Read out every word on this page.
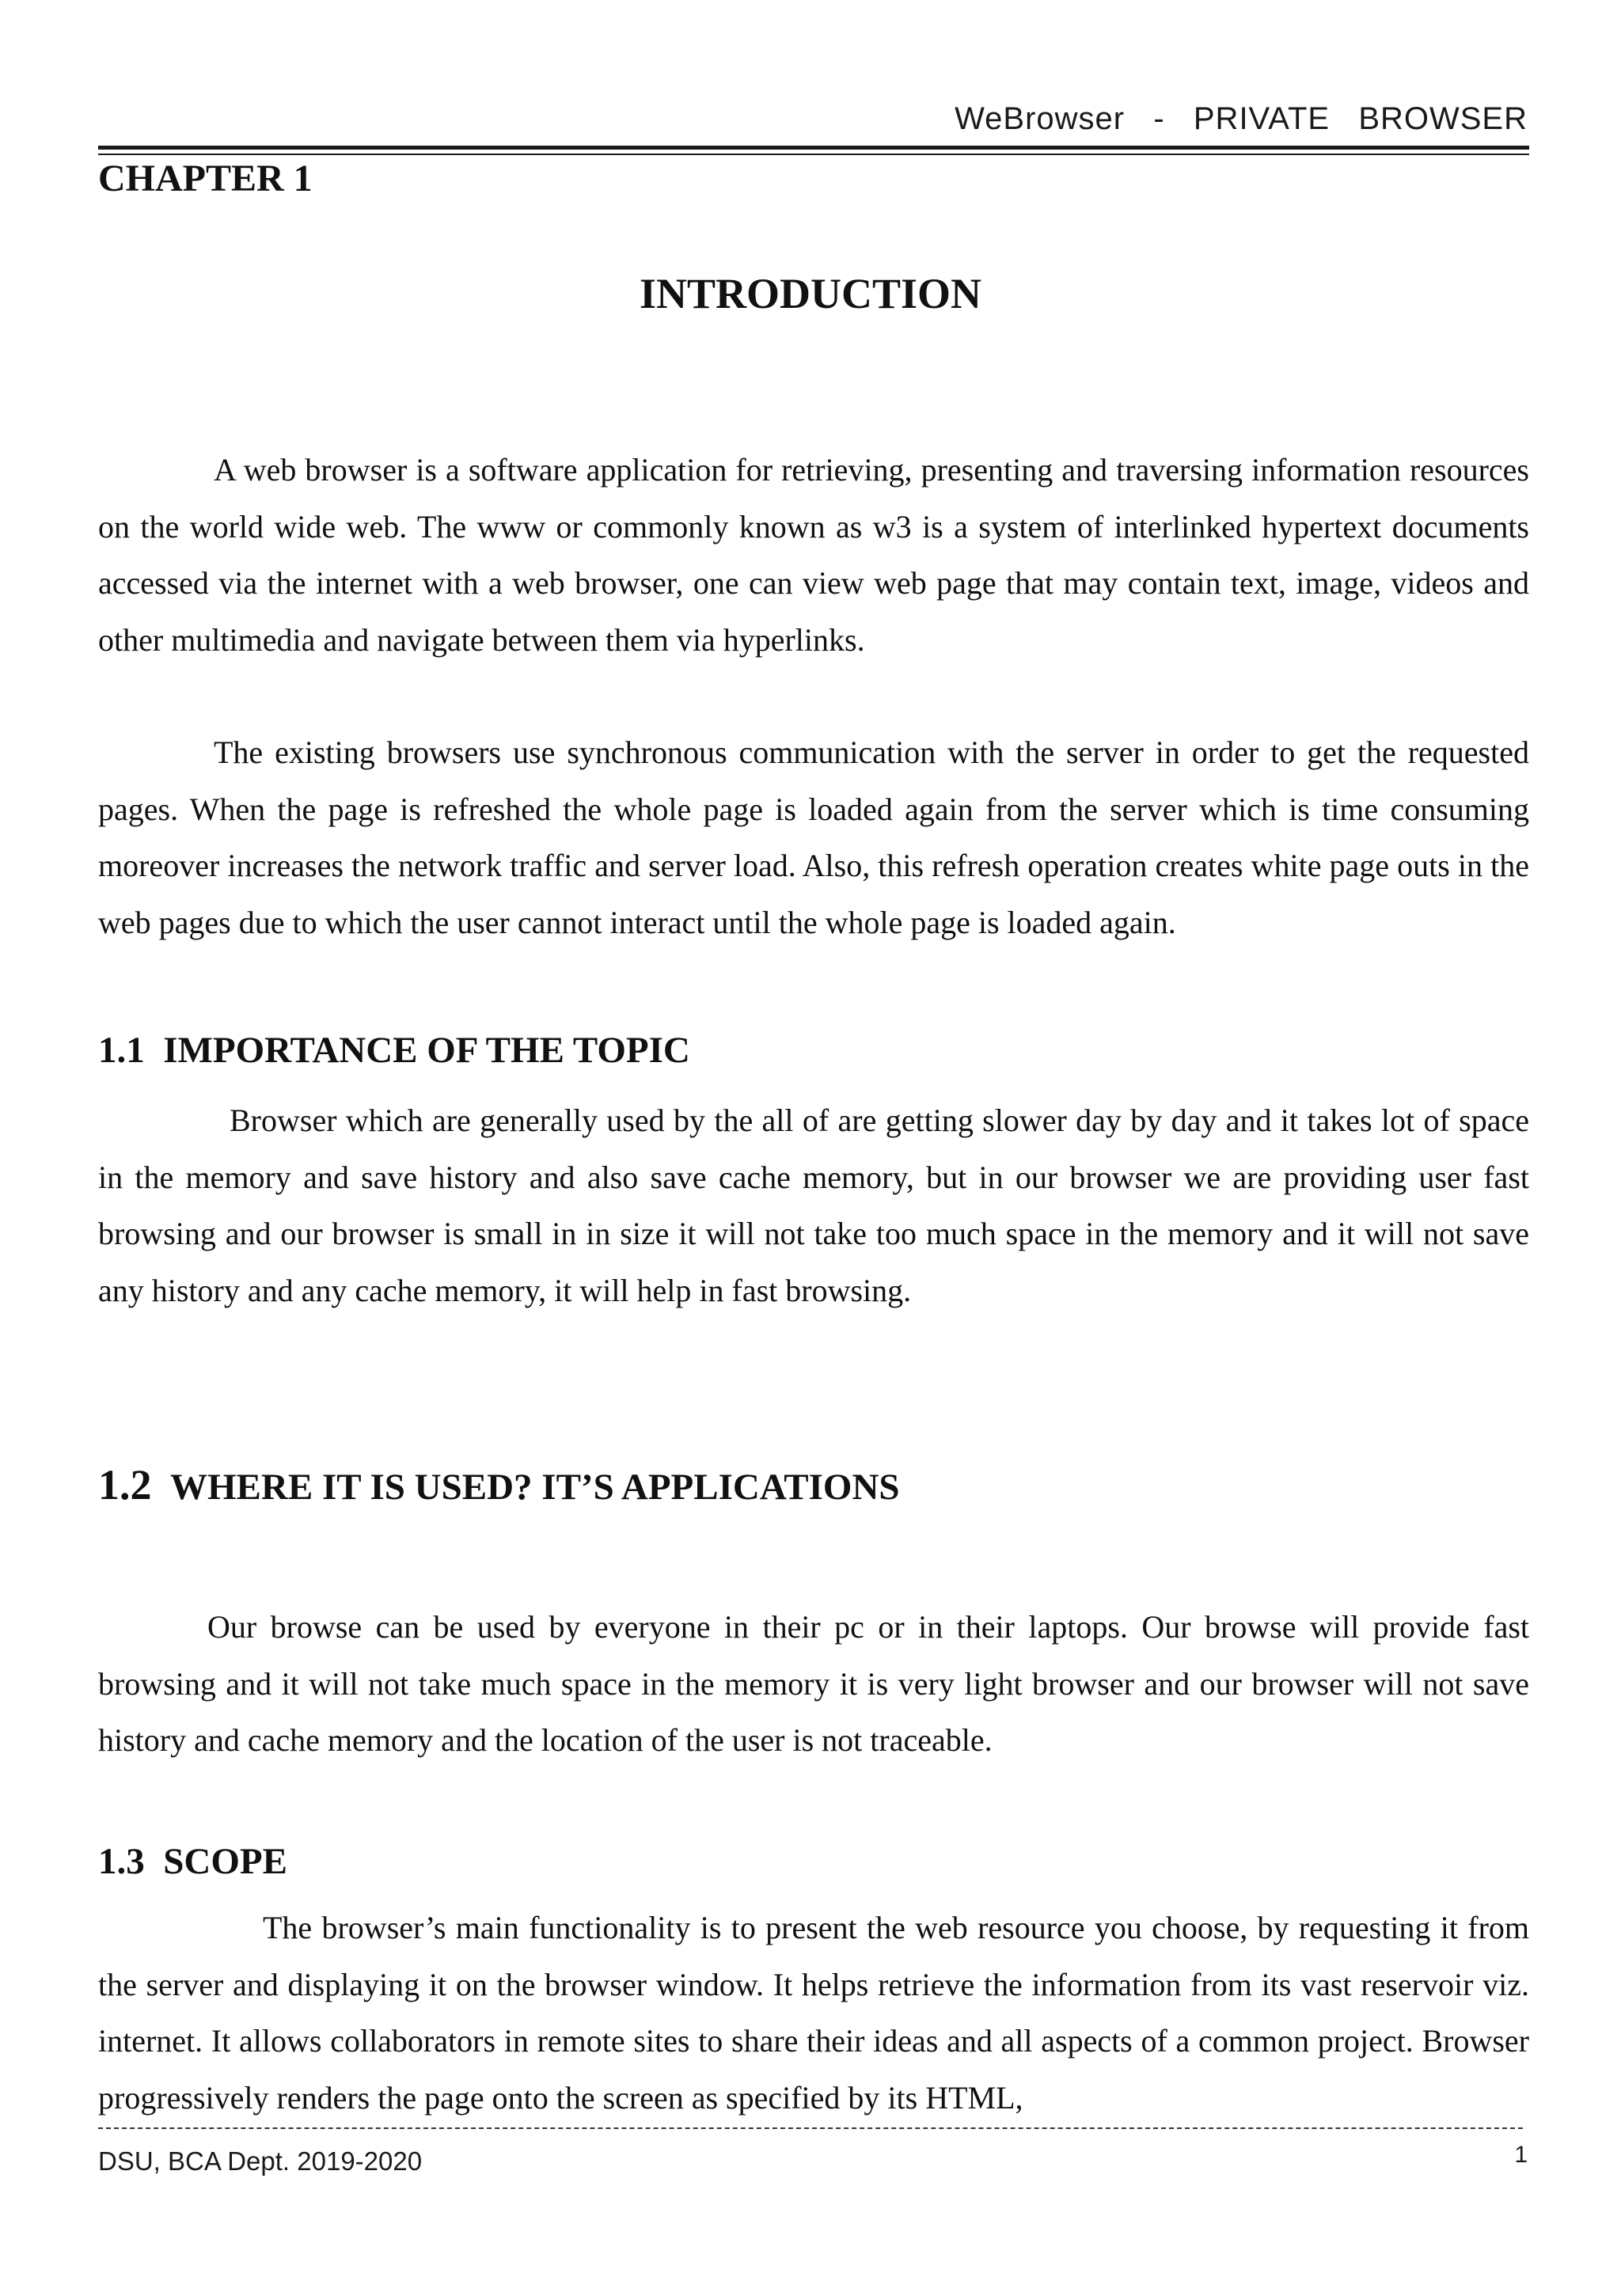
WeBrowser  -  PRIVATE  BROWSER
CHAPTER 1
INTRODUCTION

A web browser is a software application for retrieving, presenting and traversing information resources on the world wide web. The www or commonly known as w3 is a system of interlinked hypertext documents accessed via the internet with a web browser, one can view web page that may contain text, image, videos and other multimedia and navigate between them via hyperlinks.

The existing browsers use synchronous communication with the server in order to get the requested pages. When the page is refreshed the whole page is loaded again from the server which is time consuming moreover increases the network traffic and server load. Also, this refresh operation creates white page outs in the web pages due to which the user cannot interact until the whole page is loaded again.

1.1 IMPORTANCE OF THE TOPIC

Browser which are generally used by the all of are getting slower day by day and it takes lot of space in the memory and save history and also save cache memory, but in our browser we are providing user fast browsing and our browser is small in in size it will not take too much space in the memory and it will not save any history and any cache memory, it will help in fast browsing.

1.2 WHERE IT IS USED? IT’S APPLICATIONS

Our browse can be used by everyone in their pc or in their laptops. Our browse will provide fast browsing and it will not take much space in the memory it is very light browser and our browser will not save history and cache memory and the location of the user is not traceable.

1.3 SCOPE

The browser’s main functionality is to present the web resource you choose, by requesting it from the server and displaying it on the browser window. It helps retrieve the information from its vast reservoir viz. internet. It allows collaborators in remote sites to share their ideas and all aspects of a common project. Browser progressively renders the page onto the screen as specified by its HTML,

DSU, BCA Dept. 2019-2020	1
